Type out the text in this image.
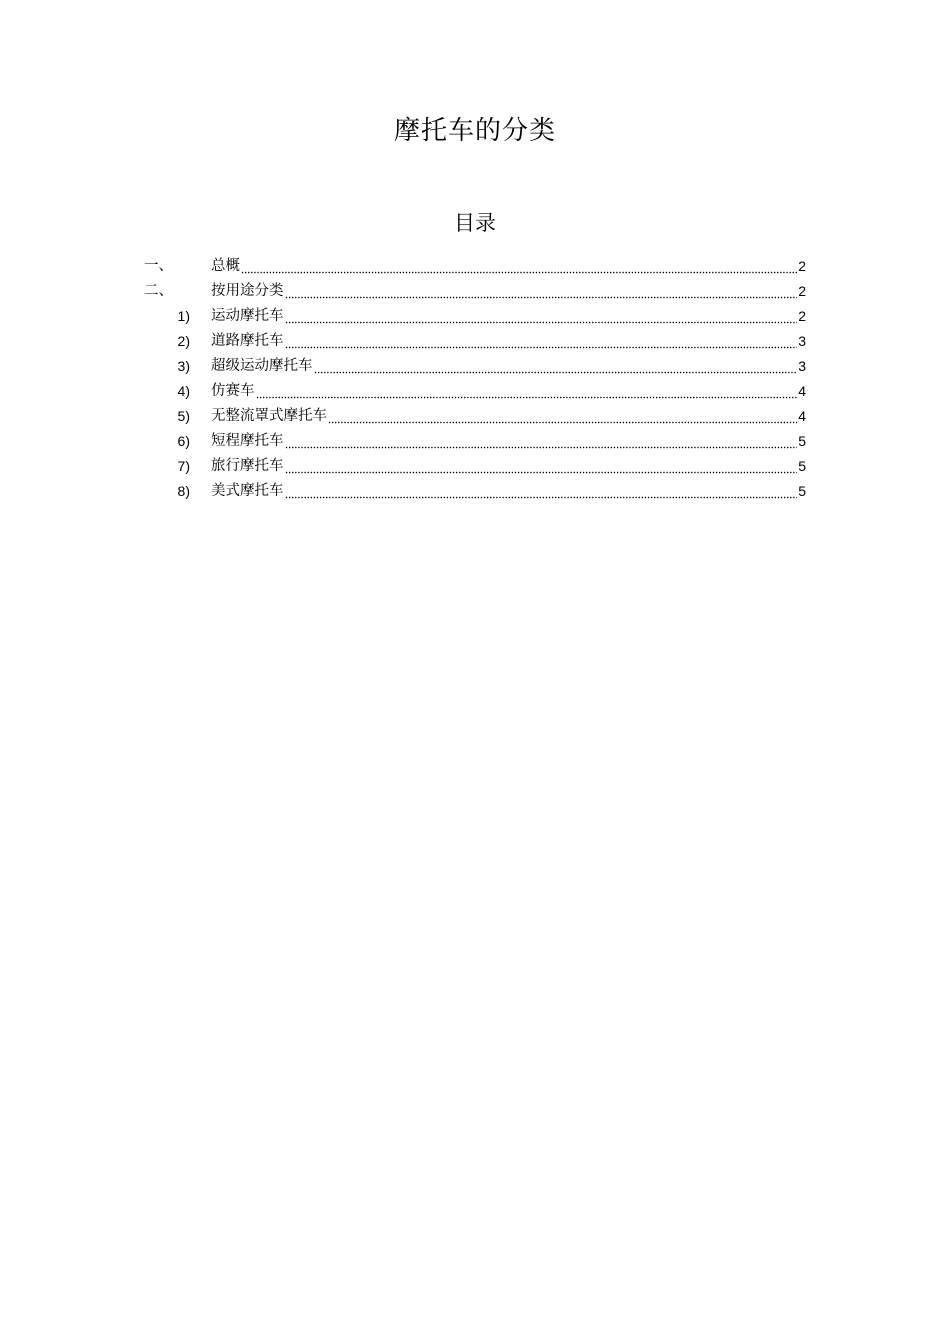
摩托车的分类
目录
一、	总概	2
二、	按用途分类	2
1) 运动摩托车	2
2) 道路摩托车	3
3) 超级运动摩托车	3
4) 仿赛车	4
5) 无整流罩式摩托车	4
6) 短程摩托车	5
7) 旅行摩托车	5
8) 美式摩托车	5
